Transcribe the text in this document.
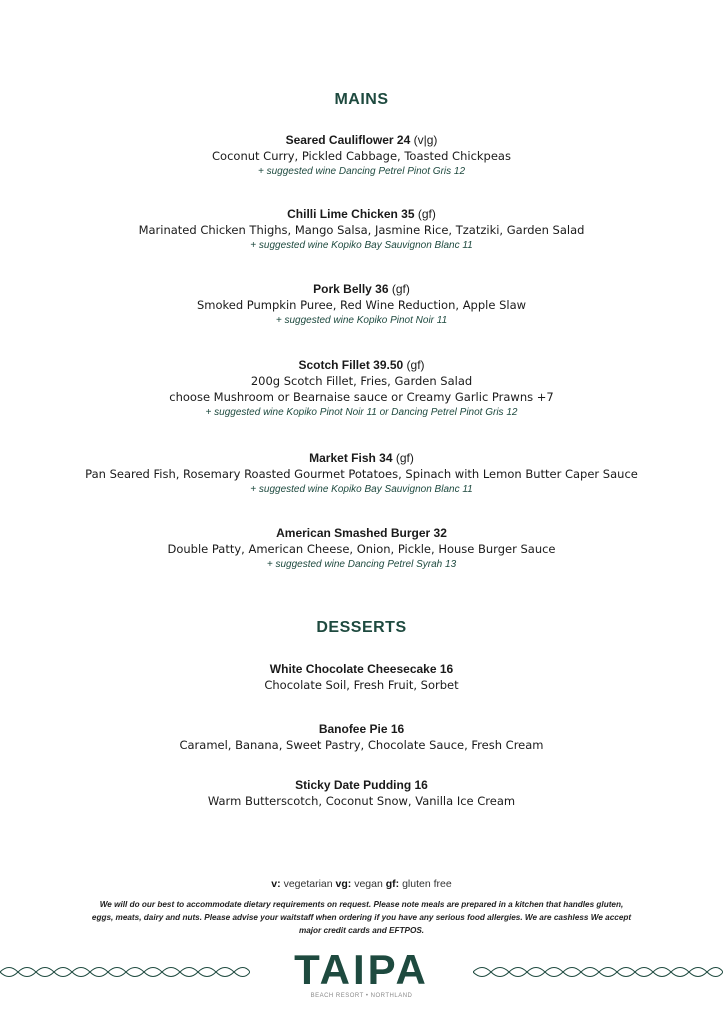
MAINS
Seared Cauliflower 24 (v|g)
Coconut Curry, Pickled Cabbage, Toasted Chickpeas
+ suggested wine Dancing Petrel Pinot Gris 12
Chilli Lime Chicken 35 (gf)
Marinated Chicken Thighs, Mango Salsa, Jasmine Rice, Tzatziki, Garden Salad
+ suggested wine Kopiko Bay Sauvignon Blanc 11
Pork Belly 36 (gf)
Smoked Pumpkin Puree, Red Wine Reduction, Apple Slaw
+ suggested wine Kopiko Pinot Noir 11
Scotch Fillet 39.50 (gf)
200g Scotch Fillet, Fries, Garden Salad
choose Mushroom or Bearnaise sauce or Creamy Garlic Prawns +7
+ suggested wine Kopiko Pinot Noir 11 or Dancing Petrel Pinot Gris 12
Market Fish 34 (gf)
Pan Seared Fish, Rosemary Roasted Gourmet Potatoes, Spinach with Lemon Butter Caper Sauce
+ suggested wine Kopiko Bay Sauvignon Blanc 11
American Smashed Burger 32
Double Patty, American Cheese, Onion, Pickle, House Burger Sauce
+ suggested wine Dancing Petrel Syrah 13
DESSERTS
White Chocolate Cheesecake 16
Chocolate Soil, Fresh Fruit, Sorbet
Banofee Pie 16
Caramel, Banana, Sweet Pastry, Chocolate Sauce, Fresh Cream
Sticky Date Pudding 16
Warm Butterscotch, Coconut Snow, Vanilla Ice Cream
v: vegetarian vg: vegan gf: gluten free
We will do our best to accommodate dietary requirements on request. Please note meals are prepared in a kitchen that handles gluten,
eggs, meats, dairy and nuts. Please advise your waitstaff when ordering if you have any serious food allergies. We are cashless We accept
major credit cards and EFTPOS.
TAIPA
BEACH RESORT • NORTHLAND
